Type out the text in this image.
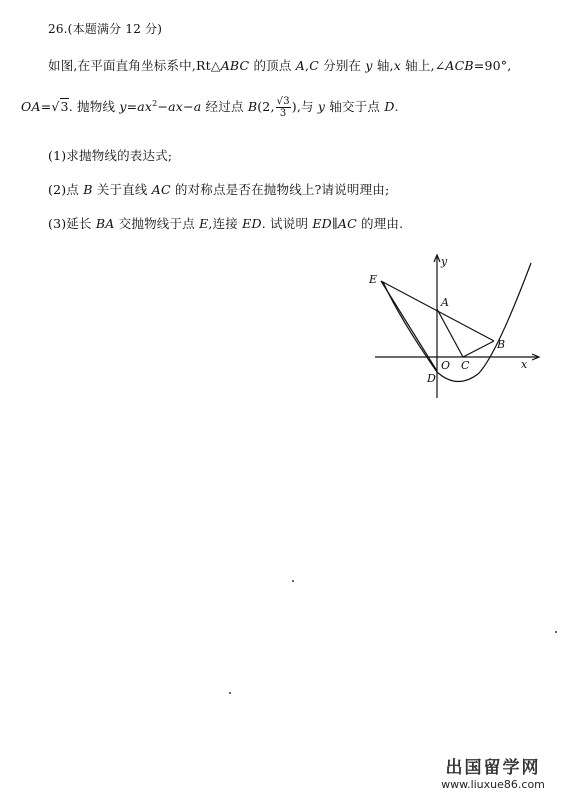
26.(本题满分 12 分)
如图,在平面直角坐标系中,Rt△ABC 的顶点 A,C 分别在 y 轴,x 轴上,∠ACB=90°,
OA=√3. 抛物线 $y=ax^2-ax-a$ 经过点 B(2, $\frac{√3}{3}$ ),与 y 轴交于点 D.
(1)求抛物线的表达式;
(2)点 B 关于直线 AC 的对称点是否在抛物线上?请说明理由;
(3)延长 BA 交抛物线于点 E,连接 ED. 试说明 ED∥AC 的理由.
x
y
E
A
B
O C
D
出国留学网
www.liuxue86.com
